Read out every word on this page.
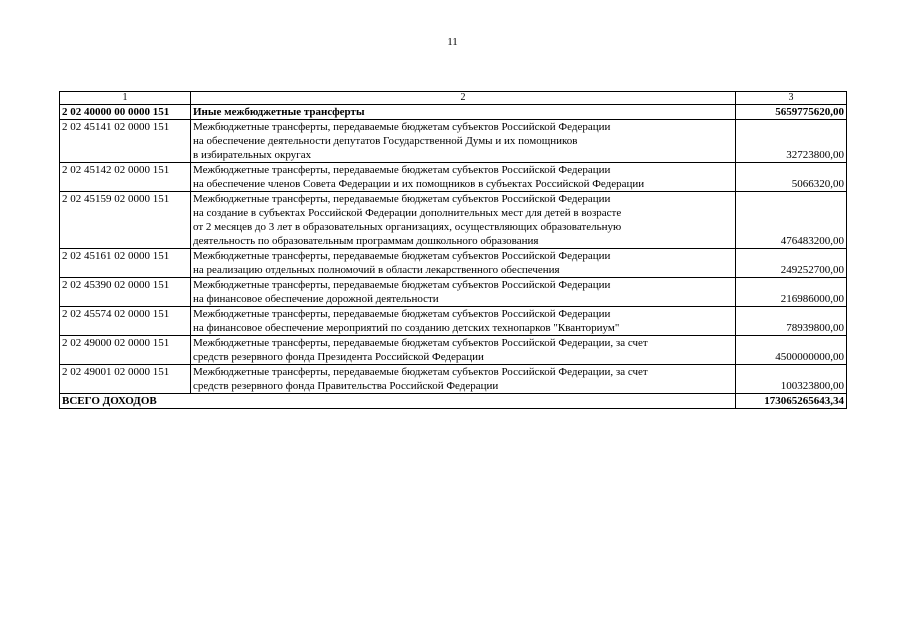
11
1	2	3
2 02 40000 00 0000 151	Иные межбюджетные трансферты	5659775620,00
2 02 45141 02 0000 151	Межбюджетные трансферты, передаваемые бюджетам субъектов Российской Федерации
на обеспечение деятельности депутатов Государственной Думы и их помощников
в избирательных округах	32723800,00
2 02 45142 02 0000 151	Межбюджетные трансферты, передаваемые бюджетам субъектов Российской Федерации
на обеспечение членов Совета Федерации и их помощников в субъектах Российской Федерации	5066320,00
2 02 45159 02 0000 151	Межбюджетные трансферты, передаваемые бюджетам субъектов Российской Федерации
на создание в субъектах Российской Федерации дополнительных мест для детей в возрасте
от 2 месяцев до 3 лет в образовательных организациях, осуществляющих образовательную
деятельность по образовательным программам дошкольного образования	476483200,00
2 02 45161 02 0000 151	Межбюджетные трансферты, передаваемые бюджетам субъектов Российской Федерации
на реализацию отдельных полномочий в области лекарственного обеспечения	249252700,00
2 02 45390 02 0000 151	Межбюджетные трансферты, передаваемые бюджетам субъектов Российской Федерации
на финансовое обеспечение дорожной деятельности	216986000,00
2 02 45574 02 0000 151	Межбюджетные трансферты, передаваемые бюджетам субъектов Российской Федерации
на финансовое обеспечение мероприятий по созданию детских технопарков "Кванториум"	78939800,00
2 02 49000 02 0000 151	Межбюджетные трансферты, передаваемые бюджетам субъектов Российской Федерации, за счет
средств резервного фонда Президента Российской Федерации	4500000000,00
2 02 49001 02 0000 151	Межбюджетные трансферты, передаваемые бюджетам субъектов Российской Федерации, за счет
средств резервного фонда Правительства Российской Федерации	100323800,00
ВСЕГО ДОХОДОВ		173065265643,34
